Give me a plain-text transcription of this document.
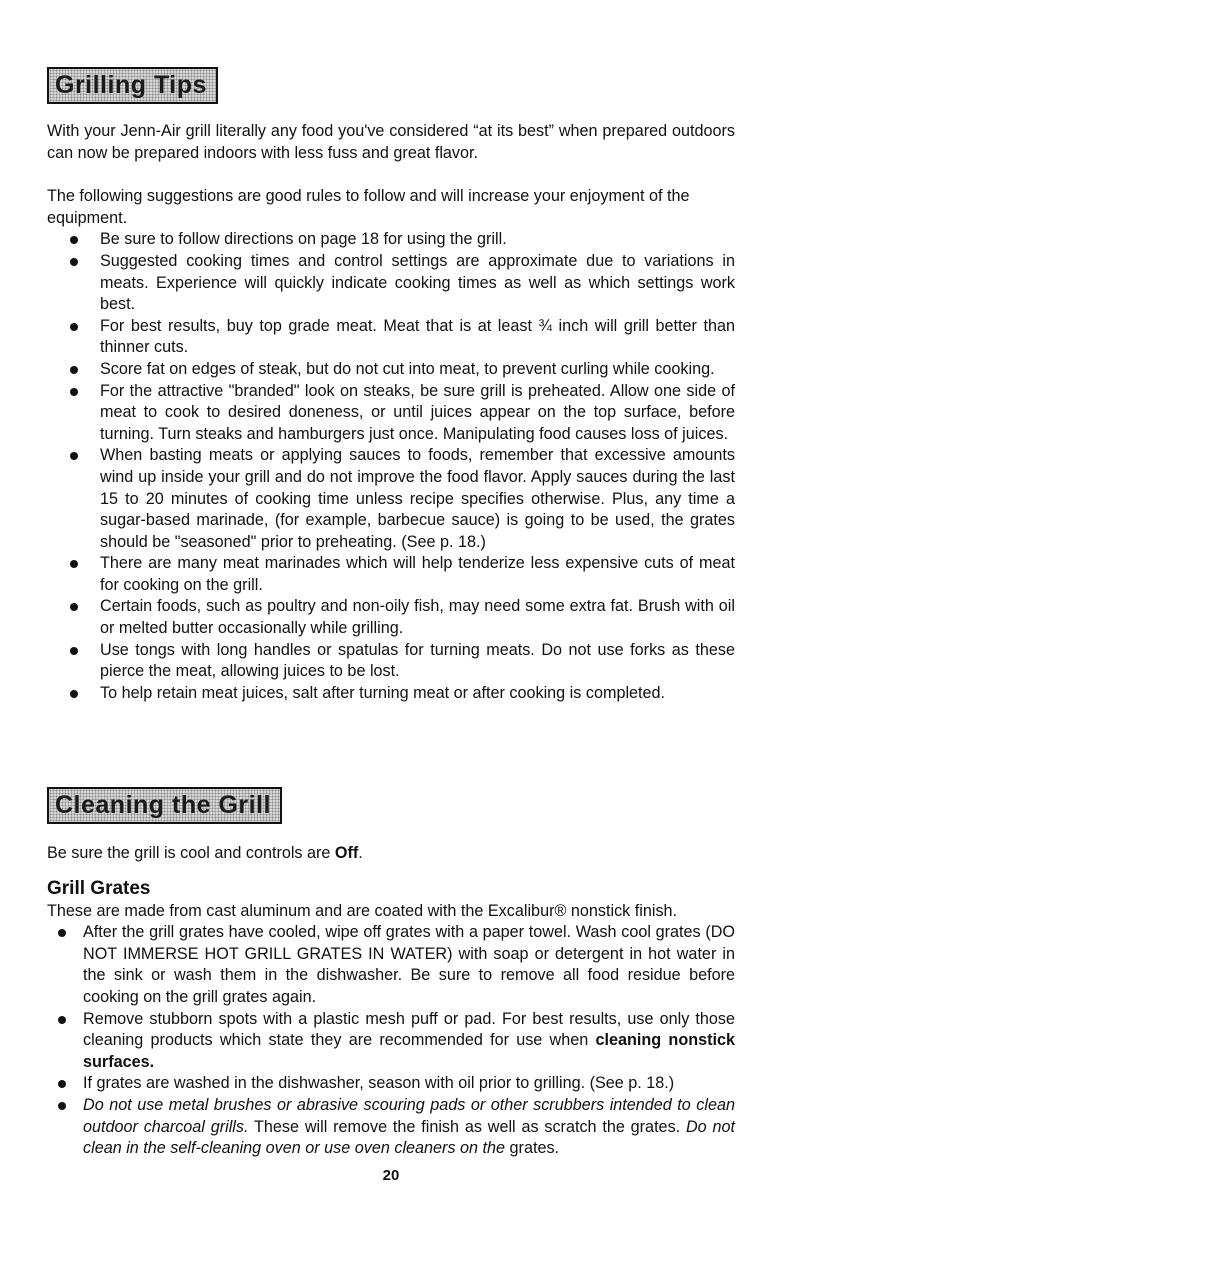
Grilling Tips

With your Jenn-Air grill literally any food you've considered “at its best” when prepared outdoors can now be prepared indoors with less fuss and great flavor.

The following suggestions are good rules to follow and will increase your enjoyment of the equipment.

Be sure to follow directions on page 18 for using the grill.
Suggested cooking times and control settings are approximate due to variations in meats. Experience will quickly indicate cooking times as well as which settings work best.
For best results, buy top grade meat. Meat that is at least ¾ inch will grill better than thinner cuts.
Score fat on edges of steak, but do not cut into meat, to prevent curling while cooking.
For the attractive "branded" look on steaks, be sure grill is preheated. Allow one side of meat to cook to desired doneness, or until juices appear on the top surface, before turning. Turn steaks and hamburgers just once. Manipulating food causes loss of juices.
When basting meats or applying sauces to foods, remember that excessive amounts wind up inside your grill and do not improve the food flavor. Apply sauces during the last 15 to 20 minutes of cooking time unless recipe specifies otherwise. Plus, any time a sugar-based marinade, (for example, barbecue sauce) is going to be used, the grates should be "seasoned" prior to preheating. (See p. 18.)
There are many meat marinades which will help tenderize less expensive cuts of meat for cooking on the grill.
Certain foods, such as poultry and non-oily fish, may need some extra fat. Brush with oil or melted butter occasionally while grilling.
Use tongs with long handles or spatulas for turning meats. Do not use forks as these pierce the meat, allowing juices to be lost.
To help retain meat juices, salt after turning meat or after cooking is completed.
Cleaning the Grill

Be sure the grill is cool and controls are Off.

Grill Grates

These are made from cast aluminum and are coated with the Excalibur® nonstick finish.

After the grill grates have cooled, wipe off grates with a paper towel. Wash cool grates (DO NOT IMMERSE HOT GRILL GRATES IN WATER) with soap or detergent in hot water in the sink or wash them in the dishwasher. Be sure to remove all food residue before cooking on the grill grates again.
Remove stubborn spots with a plastic mesh puff or pad. For best results, use only those cleaning products which state they are recommended for use when cleaning nonstick surfaces.
If grates are washed in the dishwasher, season with oil prior to grilling. (See p. 18.)
Do not use metal brushes or abrasive scouring pads or other scrubbers intended to clean outdoor charcoal grills. These will remove the finish as well as scratch the grates. Do not clean in the self-cleaning oven or use oven cleaners on the grates.
20
